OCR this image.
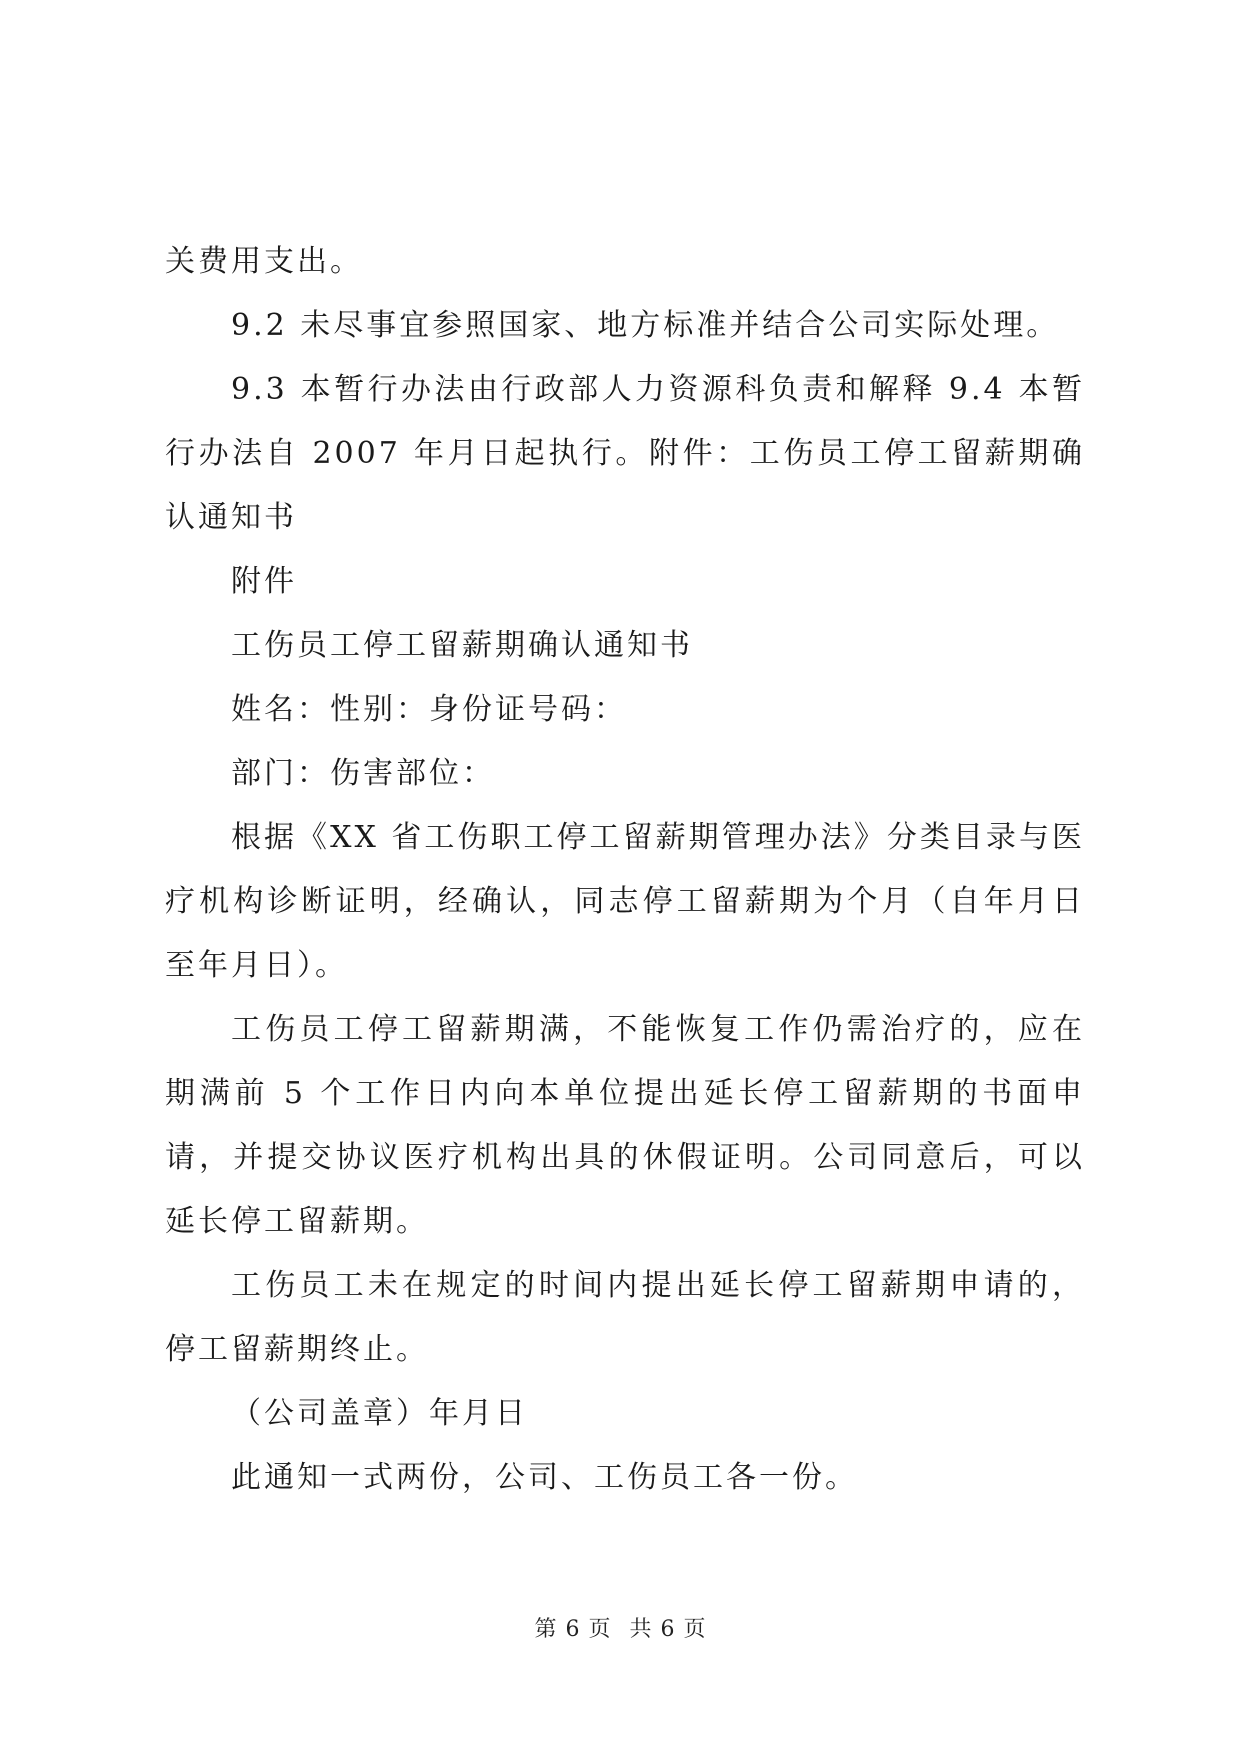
关费用支出。

9.2 未尽事宜参照国家、地方标准并结合公司实际处理。

9.3 本暂行办法由行政部人力资源科负责和解释 9.4 本暂行办法自 2007 年月日起执行。附件：工伤员工停工留薪期确认通知书

附件

工伤员工停工留薪期确认通知书

姓名：性别：身份证号码：

部门：伤害部位：

根据《XX 省工伤职工停工留薪期管理办法》分类目录与医疗机构诊断证明，经确认，同志停工留薪期为个月（自年月日至年月日）。

工伤员工停工留薪期满，不能恢复工作仍需治疗的，应在期满前 5 个工作日内向本单位提出延长停工留薪期的书面申请，并提交协议医疗机构出具的休假证明。公司同意后，可以延长停工留薪期。

工伤员工未在规定的时间内提出延长停工留薪期申请的，停工留薪期终止。

（公司盖章）年月日

此通知一式两份，公司、工伤员工各一份。

第 6 页 共 6 页
